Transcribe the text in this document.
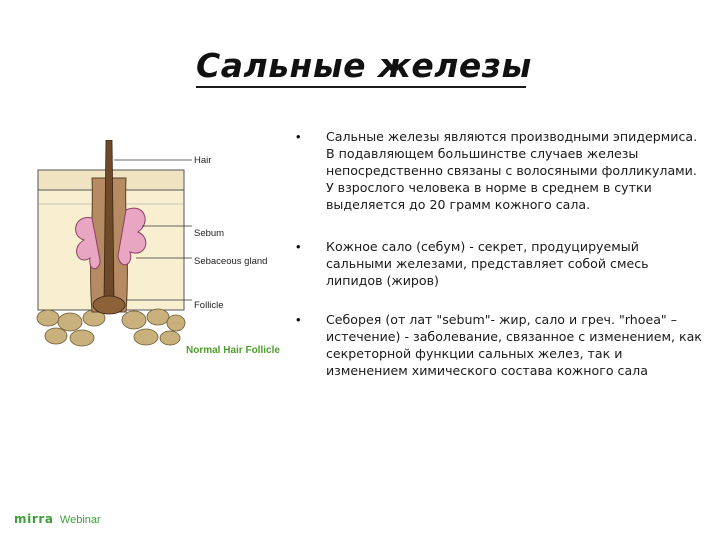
Сальные железы
Hair
Sebum
Sebaceous gland
Follicle
Normal Hair Follicle
• Сальные железы являются производными эпидермиса. В подавляющем большинстве случаев железы непосредственно связаны с волосяными фолликулами. У взрослого человека в норме в среднем в сутки выделяется до 20 грамм кожного сала.
• Кожное сало (себум) - секрет, продуцируемый сальными железами, представляет собой смесь липидов (жиров)
• Себорея (от лат "sebum"- жир, сало и греч. "rhoea" – истечение) - заболевание, связанное с изменением, как секреторной функции сальных желез, так и изменением химического состава кожного сала
mirra Webinar
